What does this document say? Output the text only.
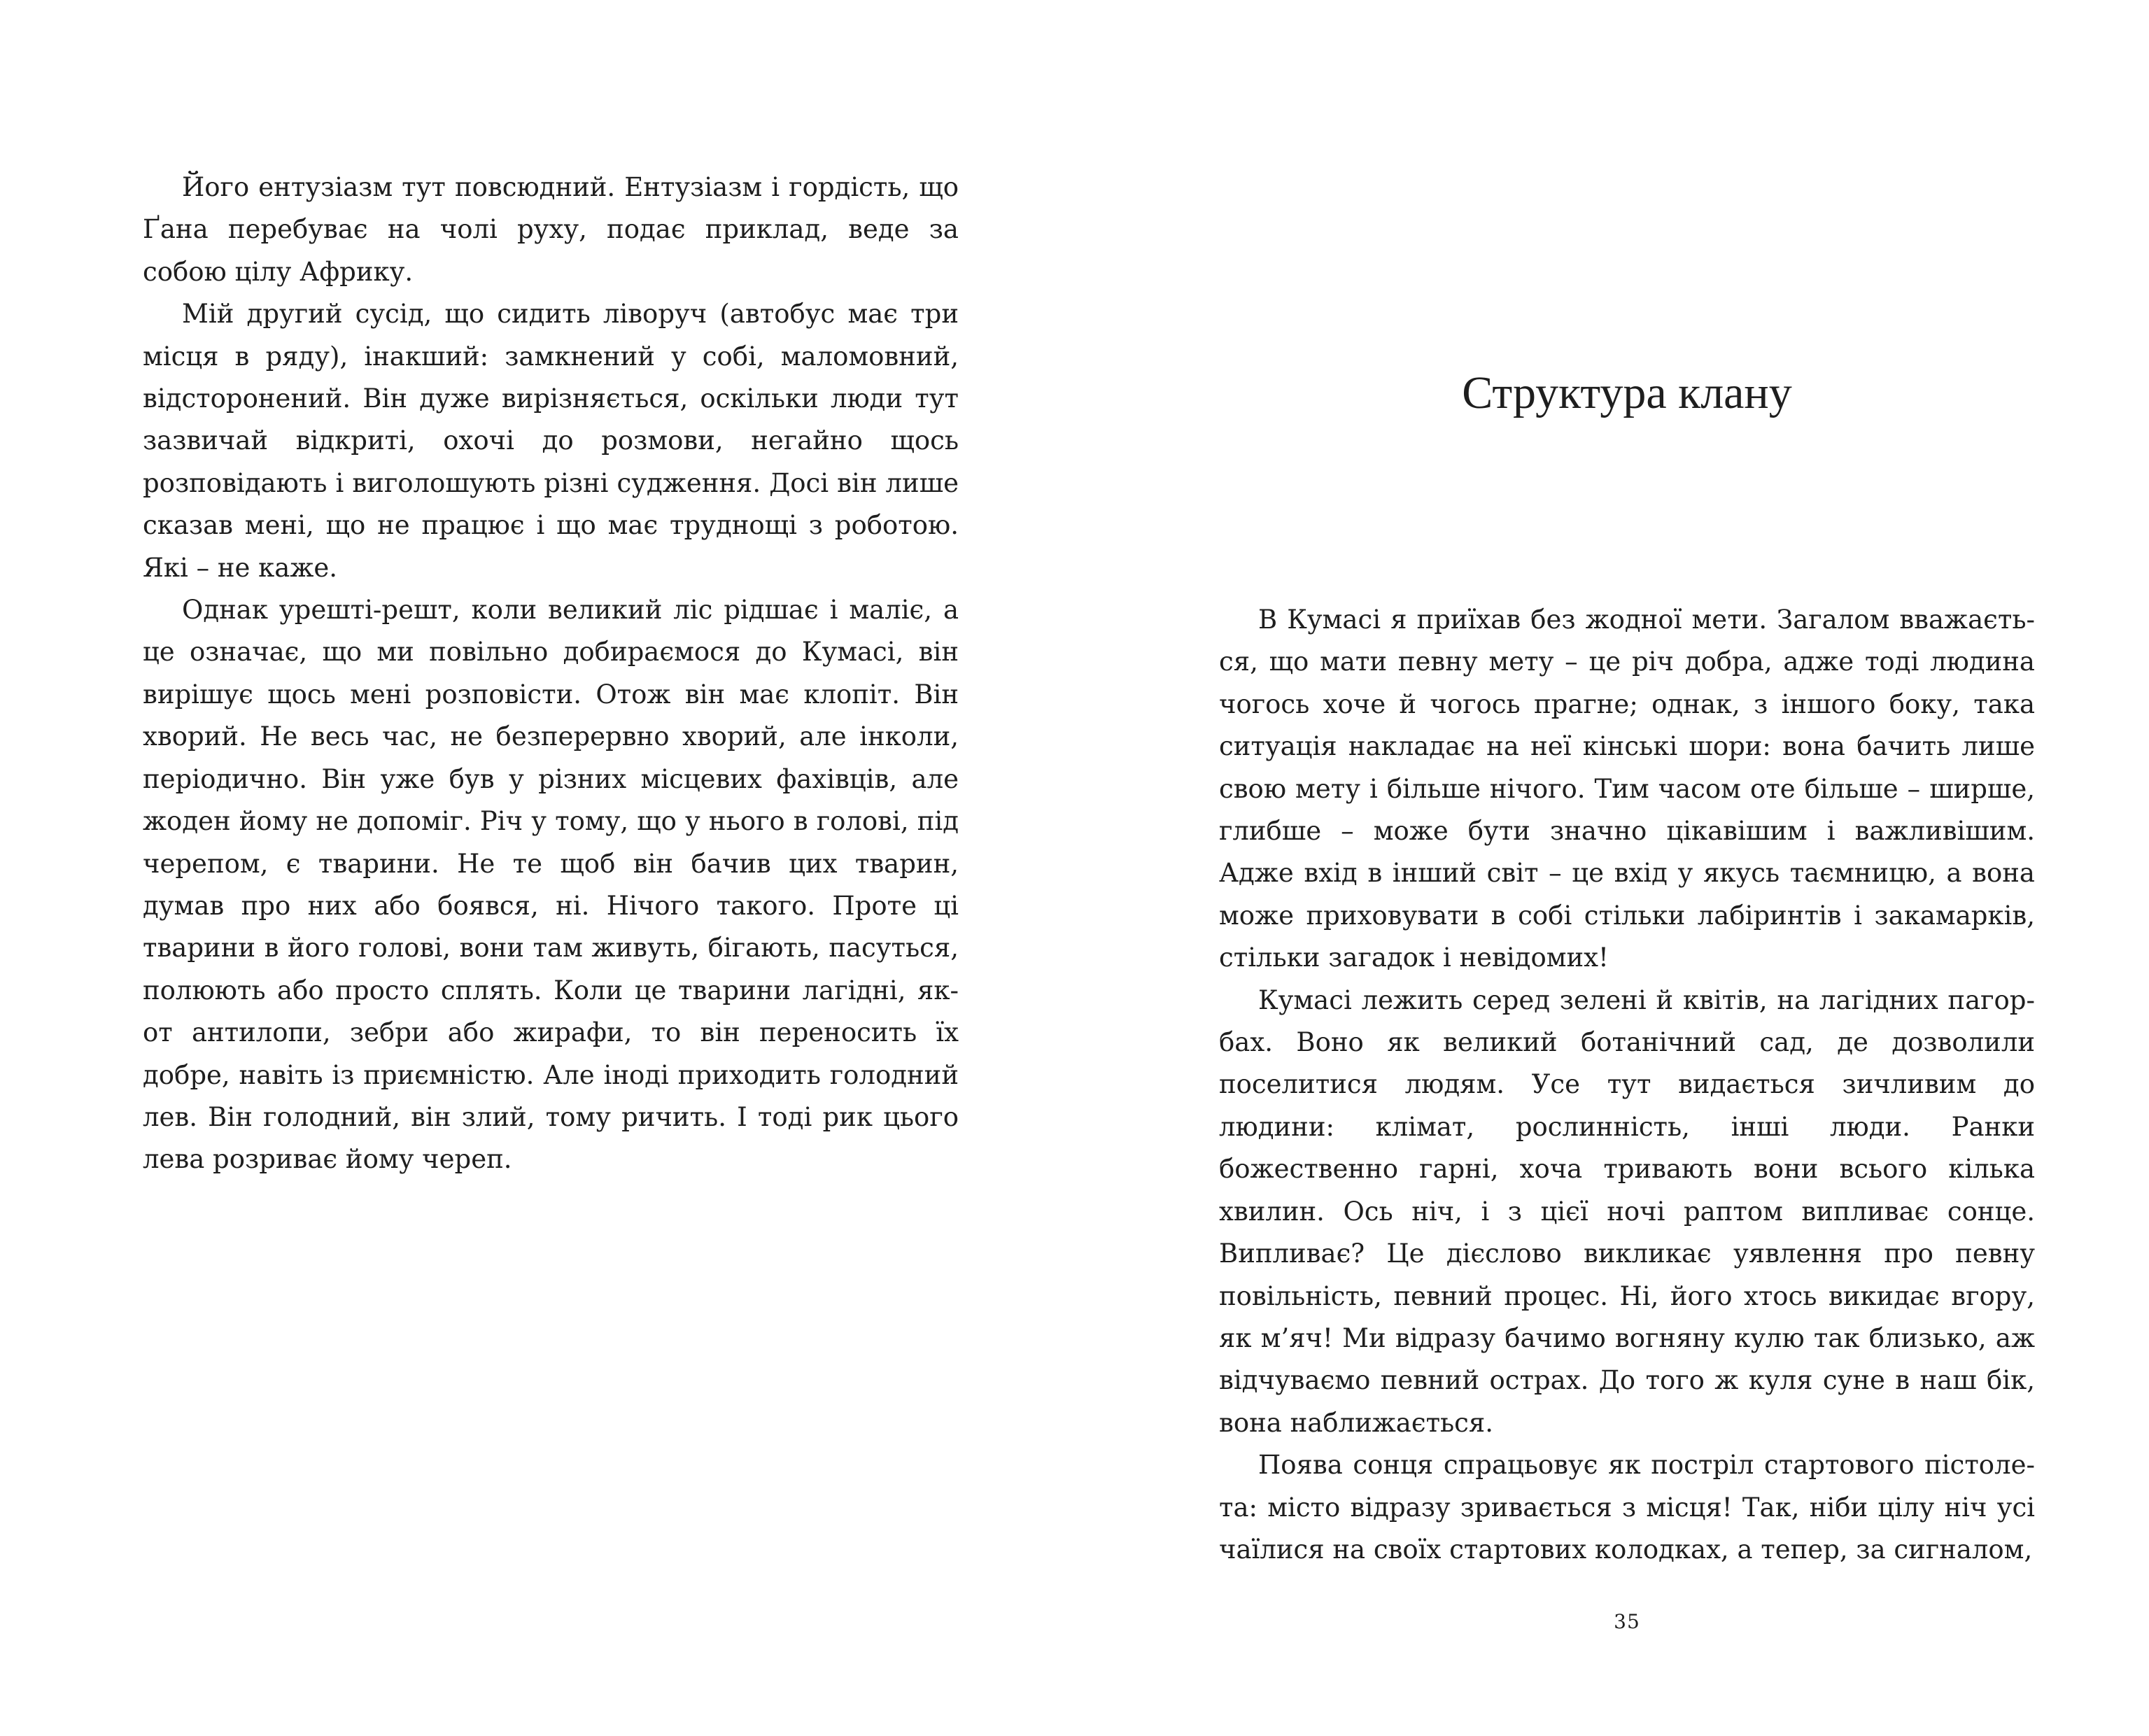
Його ентузіазм тут повсюдний. Ентузіазм і гордість, що Ґана перебуває на чолі руху, подає приклад, веде за собою цілу Африку.

Мій другий сусід, що сидить ліворуч (автобус має три місця в ряду), інакший: замкнений у собі, маломовний, відсторонений. Він дуже вирізняється, оскільки люди тут зазвичай відкриті, охочі до розмови, негайно щось розповідають і виголошують різні судження. Досі він лише сказав мені, що не працює і що має труднощі з роботою. Які – не каже.

Однак урешті-решт, коли великий ліс рідшає і маліє, а це означає, що ми повільно добираємося до Кумасі, він вирішує щось мені розповісти. Отож він має клопіт. Він хворий. Не весь час, не безперервно хворий, але інколи, періодично. Він уже був у різних місцевих фахівців, але жоден йому не допоміг. Річ у тому, що у нього в голові, під черепом, є тварини. Не те щоб він бачив цих тварин, думав про них або боявся, ні. Нічого такого. Проте ці тварини в його голові, вони там живуть, бігають, пасуться, полюють або просто сплять. Коли це тварини лагідні, як-от антилопи, зебри або жирафи, то він переносить їх добре, навіть із приємністю. Але іноді приходить голодний лев. Він голодний, він злий, тому ричить. І тоді рик цього лева розриває йому череп.

Структура клану

В Кумасі я приїхав без жодної мети. Загалом вважається, що мати певну мету – це річ добра, адже тоді людина чогось хоче й чогось прагне; однак, з іншого боку, така ситуація накладає на неї кінські шори: вона бачить лише свою мету і більше нічого. Тим часом оте більше – ширше, глибше – може бути значно цікавішим і важливішим. Адже вхід в інший світ – це вхід у якусь таємницю, а вона може приховувати в собі стільки лабіринтів і закамарків, стільки загадок і невідомих!

Кумасі лежить серед зелені й квітів, на лагідних пагорбах. Воно як великий ботанічний сад, де дозволили поселитися людям. Усе тут видається зичливим до людини: клімат, рослинність, інші люди. Ранки божественно гарні, хоча тривають вони всього кілька хвилин. Ось ніч, і з цієї ночі раптом випливає сонце. Випливає? Це дієслово викликає уявлення про певну повільність, певний процес. Ні, його хтось викидає вгору, як м’яч! Ми відразу бачимо вогняну кулю так близько, аж відчуваємо певний острах. До того ж куля суне в наш бік, вона наближається.

Поява сонця спрацьовує як постріл стартового пістолета: місто відразу зривається з місця! Так, ніби цілу ніч усі чаїлися на своїх стартових колодках, а тепер, за сигналом,

35
